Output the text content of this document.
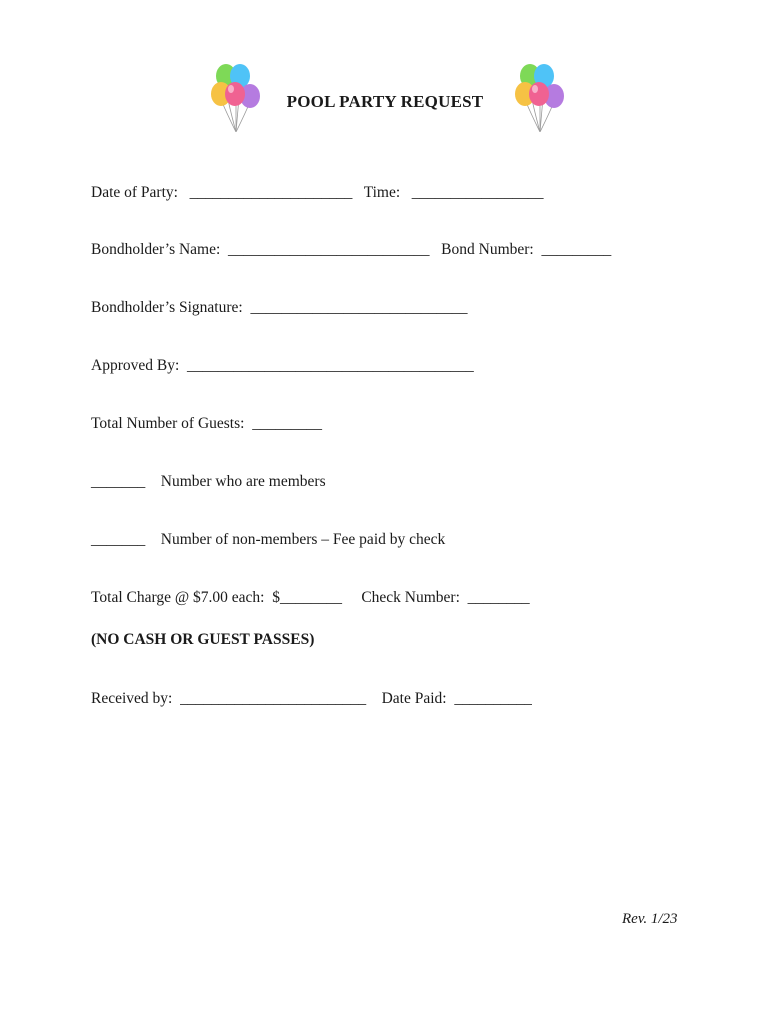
POOL PARTY REQUEST
Date of Party: _____________________ Time: _________________
Bondholder’s Name: __________________________ Bond Number: _________
Bondholder’s Signature: ____________________________
Approved By: _____________________________________
Total Number of Guests: _________
_______ Number who are members
_______ Number of non-members – Fee paid by check
Total Charge @ $7.00 each: $________ Check Number: ________
(NO CASH OR GUEST PASSES)
Received by: ________________________ Date Paid: __________
Rev. 1/23
